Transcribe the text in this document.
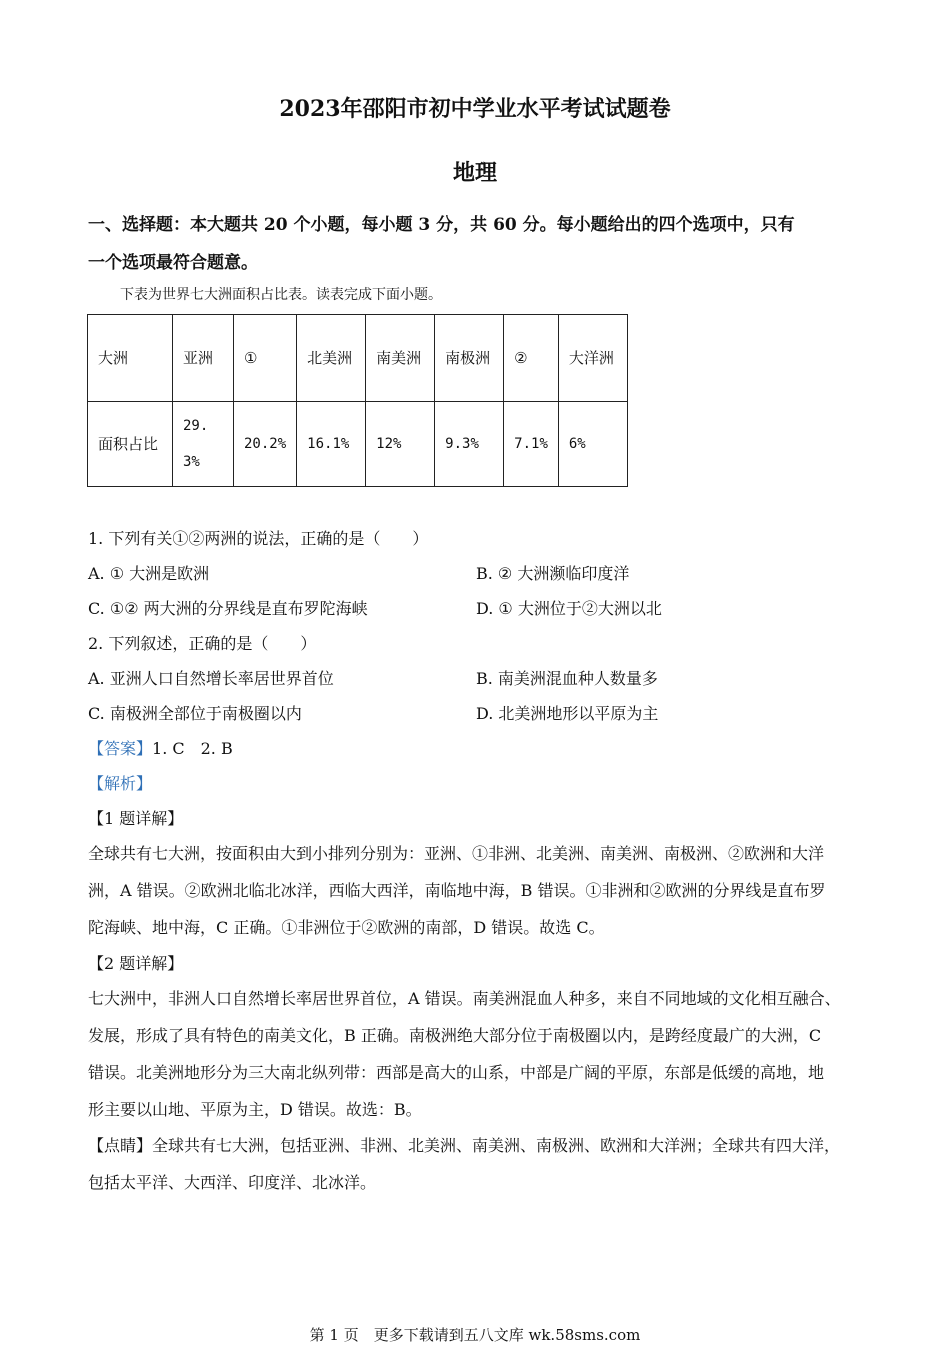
2023年邵阳市初中学业水平考试试题卷
地理
一、选择题：本大题共 20 个小题，每小题 3 分，共 60 分。每小题给出的四个选项中，只有
一个选项最符合题意。
下表为世界七大洲面积占比表。读表完成下面小题。
大洲	亚洲	①	北美洲	南美洲	南极洲	②	大洋洲
面积占比	29.3%	20.2%	16.1%	12%	9.3%	7.1%	6%
1. 下列有关①②两洲的说法，正确的是（　　）
A. ① 大洲是欧洲	B. ② 大洲濒临印度洋
C. ①② 两大洲的分界线是直布罗陀海峡	D. ① 大洲位于②大洲以北
2. 下列叙述，正确的是（　　）
A. 亚洲人口自然增长率居世界首位	B. 南美洲混血种人数量多
C. 南极洲全部位于南极圈以内	D. 北美洲地形以平原为主
【答案】1. C　2. B
【解析】
【1 题详解】
全球共有七大洲，按面积由大到小排列分别为：亚洲、①非洲、北美洲、南美洲、南极洲、②欧洲和大洋
洲，A 错误。②欧洲北临北冰洋，西临大西洋，南临地中海，B 错误。①非洲和②欧洲的分界线是直布罗
陀海峡、地中海，C 正确。①非洲位于②欧洲的南部，D 错误。故选 C。
【2 题详解】
七大洲中，非洲人口自然增长率居世界首位，A 错误。南美洲混血人种多，来自不同地域的文化相互融合、
发展，形成了具有特色的南美文化，B 正确。南极洲绝大部分位于南极圈以内，是跨经度最广的大洲，C
错误。北美洲地形分为三大南北纵列带：西部是高大的山系，中部是广阔的平原，东部是低缓的高地，地
形主要以山地、平原为主，D 错误。故选：B。
【点睛】全球共有七大洲，包括亚洲、非洲、北美洲、南美洲、南极洲、欧洲和大洋洲；全球共有四大洋，
包括太平洋、大西洋、印度洋、北冰洋。
第 1 页　更多下载请到五八文库 wk.58sms.com
